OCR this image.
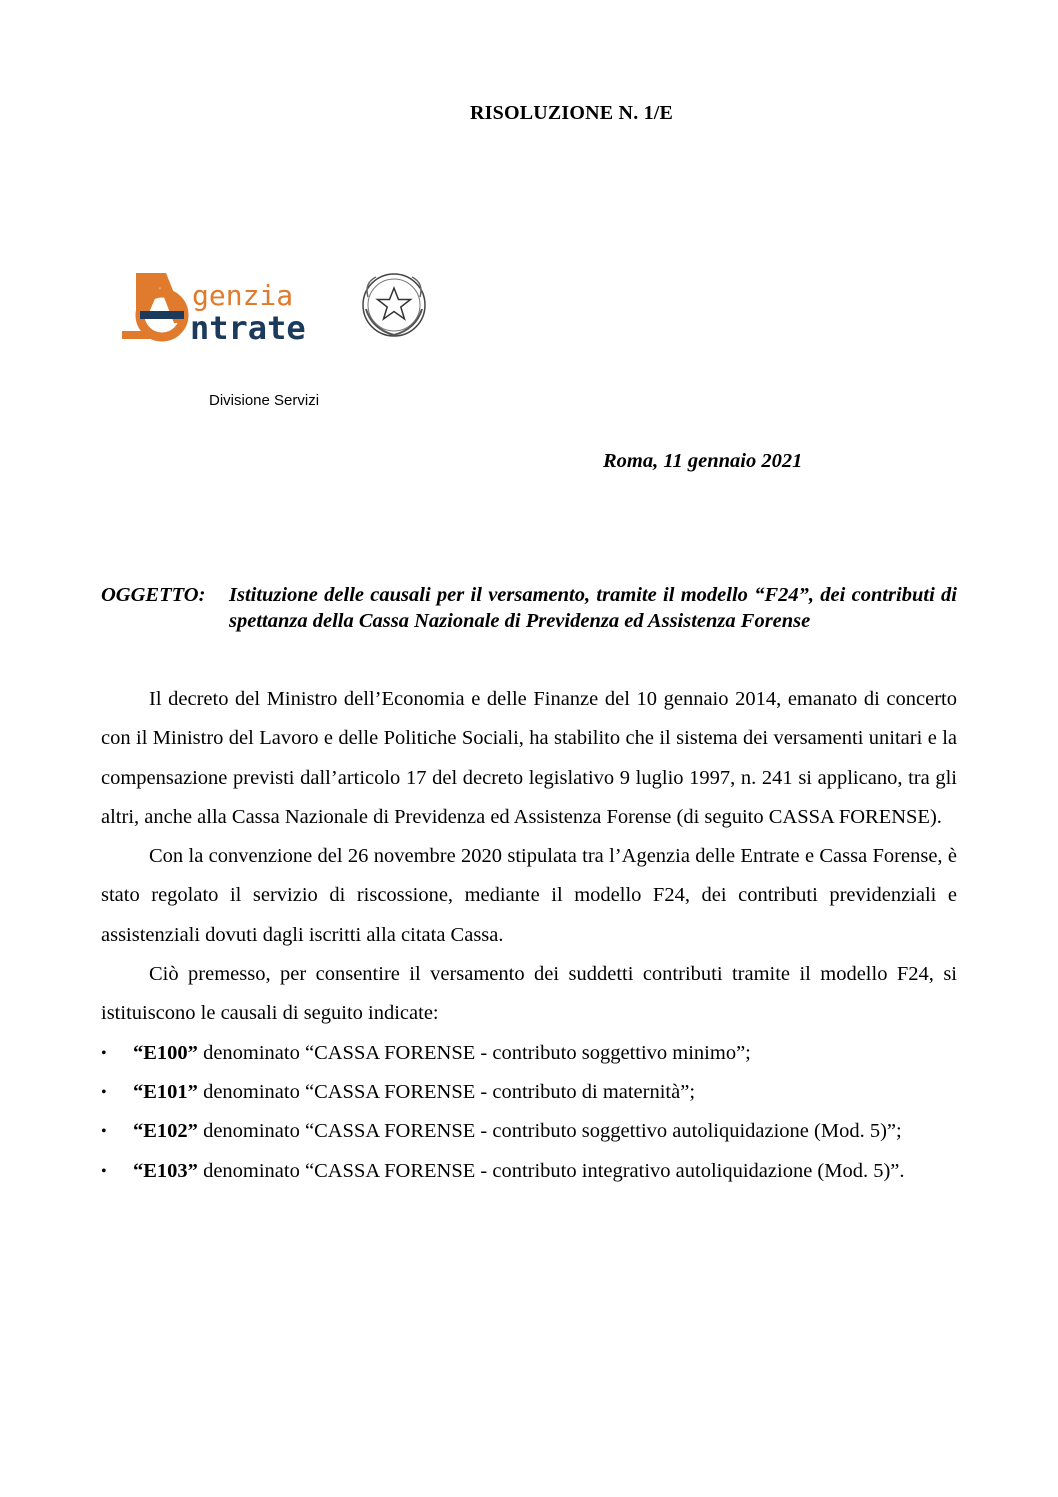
RISOLUZIONE N. 1/E
genzia
ntrate
Divisione Servizi
Roma, 11 gennaio 2021
OGGETTO: Istituzione delle causali per il versamento, tramite il modello “F24”, dei contributi di spettanza della Cassa Nazionale di Previdenza ed Assistenza Forense

Il decreto del Ministro dell’Economia e delle Finanze del 10 gennaio 2014, emanato di concerto con il Ministro del Lavoro e delle Politiche Sociali, ha stabilito che il sistema dei versamenti unitari e la compensazione previsti dall’articolo 17 del decreto legislativo 9 luglio 1997, n. 241 si applicano, tra gli altri, anche alla Cassa Nazionale di Previdenza ed Assistenza Forense (di seguito CASSA FORENSE).

Con la convenzione del 26 novembre 2020 stipulata tra l’Agenzia delle Entrate e Cassa Forense, è stato regolato il servizio di riscossione, mediante il modello F24, dei contributi previdenziali e assistenziali dovuti dagli iscritti alla citata Cassa.

Ciò premesso, per consentire il versamento dei suddetti contributi tramite il modello F24, si istituiscono le causali di seguito indicate:

• “E100” denominato “CASSA FORENSE - contributo soggettivo minimo”;
• “E101” denominato “CASSA FORENSE - contributo di maternità”;
• “E102” denominato “CASSA FORENSE - contributo soggettivo autoliquidazione (Mod. 5)”;
• “E103” denominato “CASSA FORENSE - contributo integrativo autoliquidazione (Mod. 5)”.
